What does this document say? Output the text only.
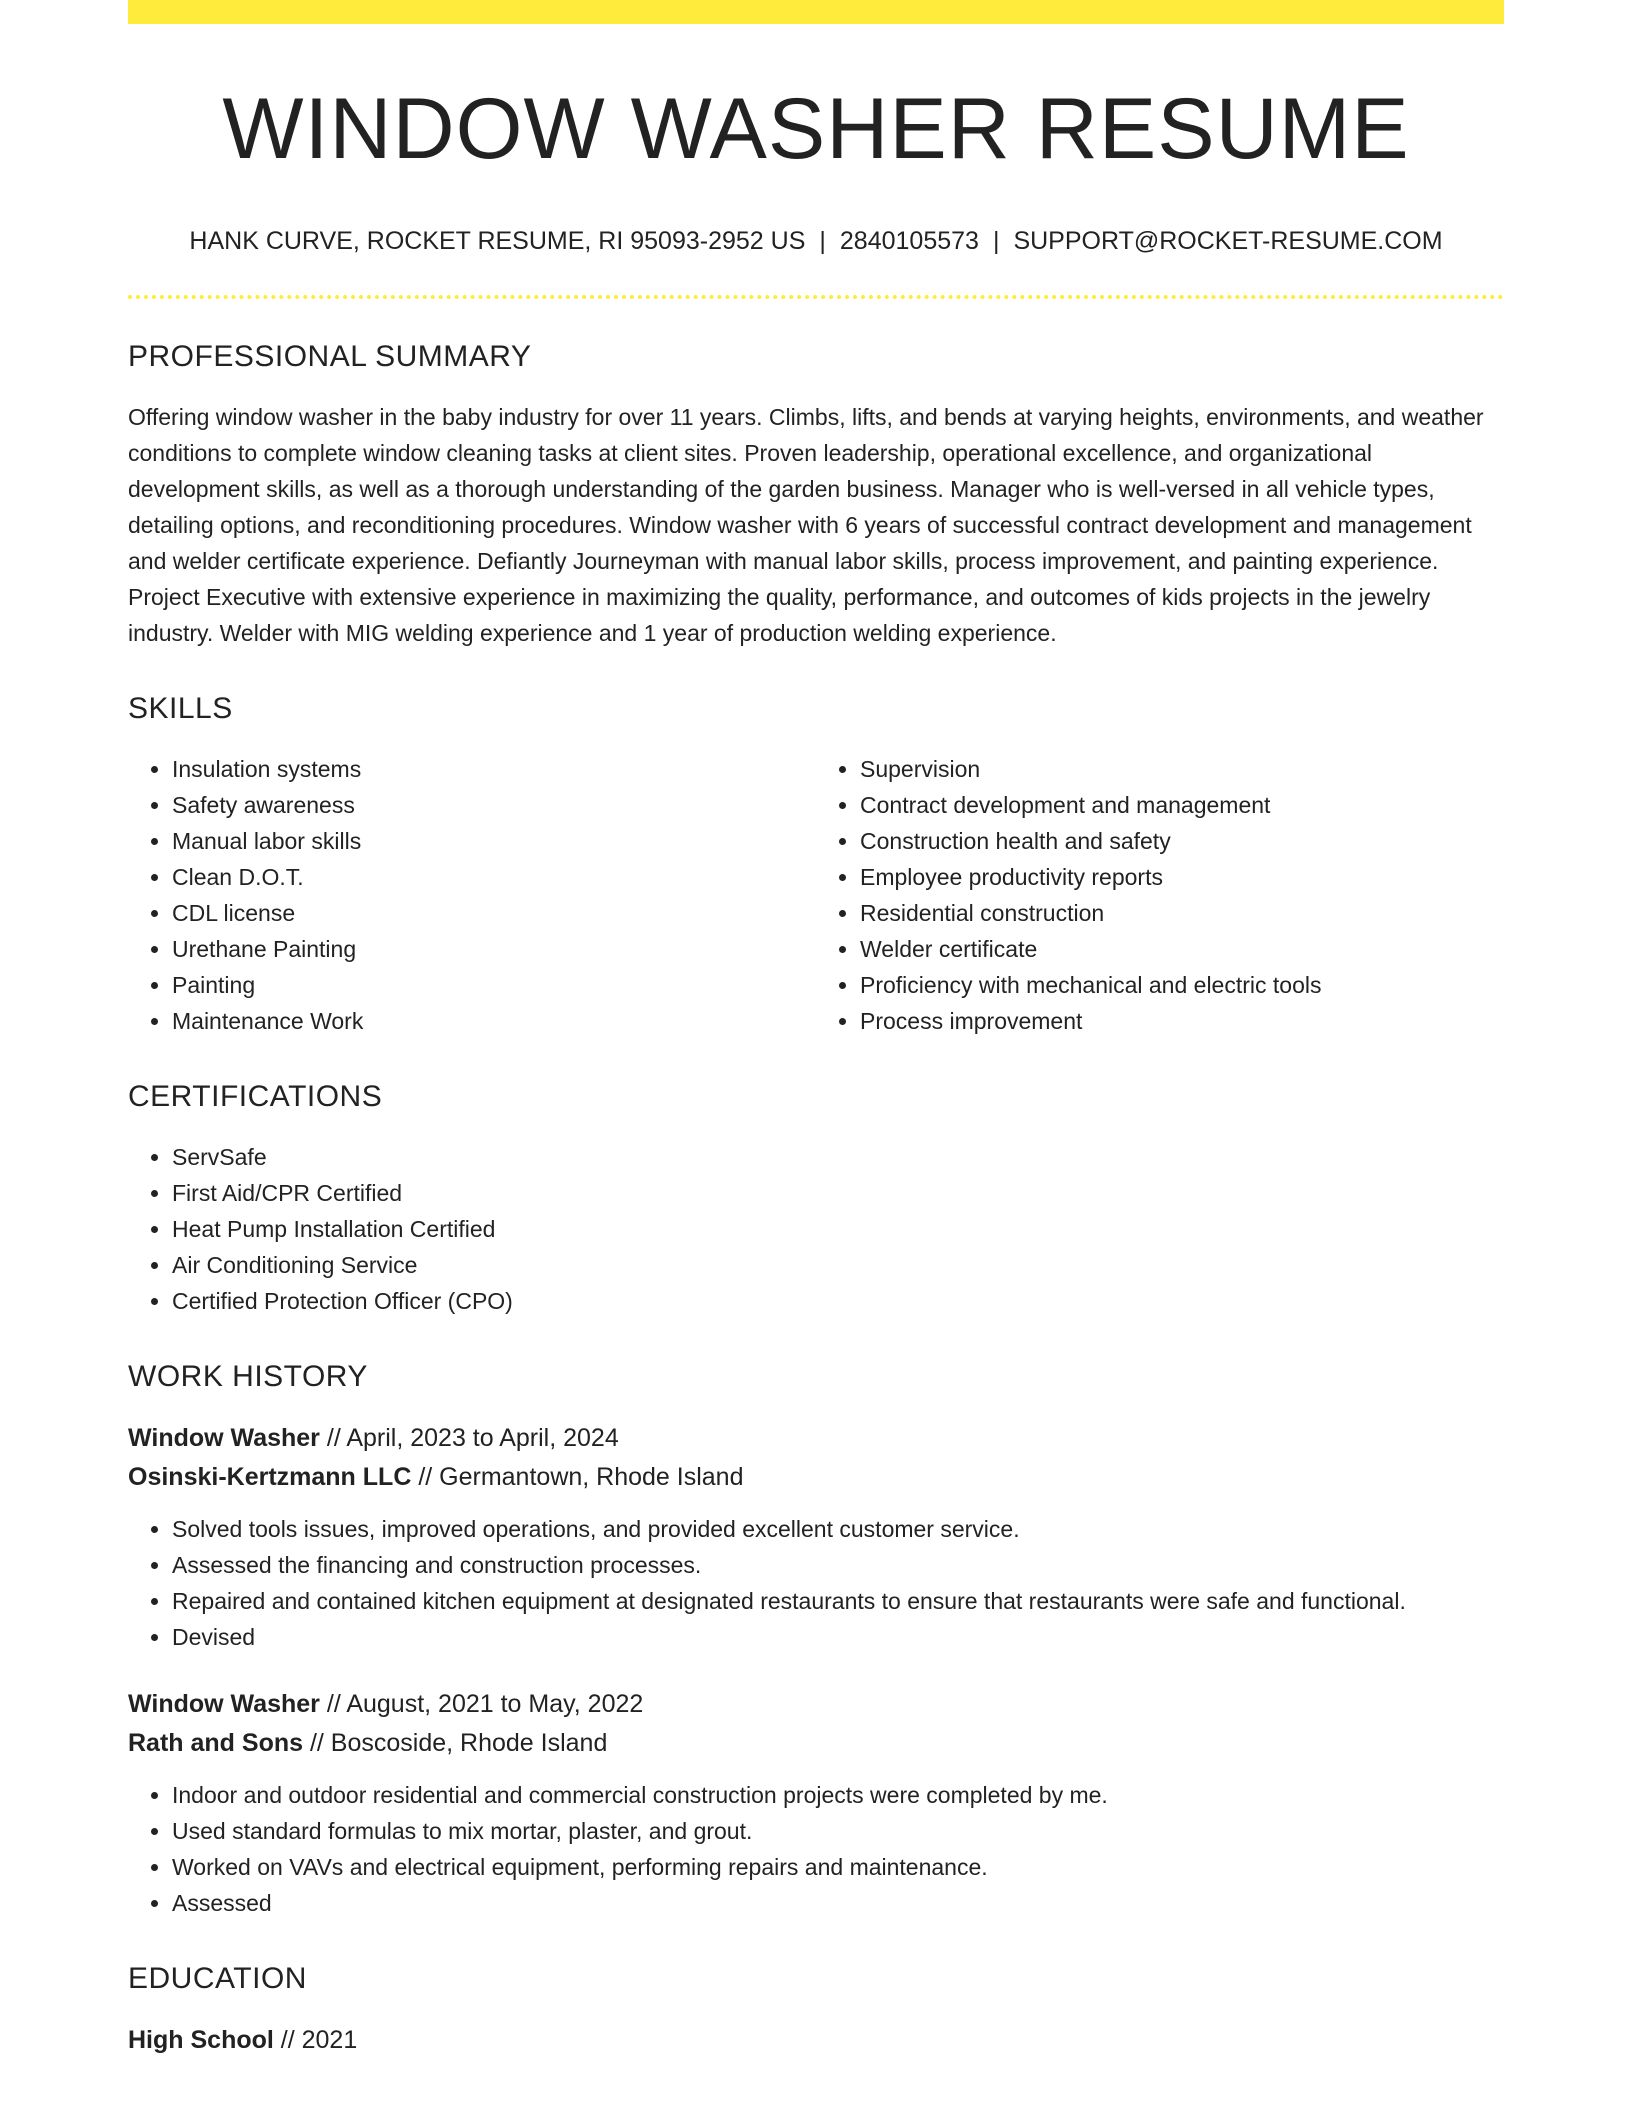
WINDOW WASHER RESUME
HANK CURVE, ROCKET RESUME, RI 95093-2952 US | 2840105573 | SUPPORT@ROCKET-RESUME.COM
PROFESSIONAL SUMMARY

Offering window washer in the baby industry for over 11 years. Climbs, lifts, and bends at varying heights, environments, and weather conditions to complete window cleaning tasks at client sites. Proven leadership, operational excellence, and organizational development skills, as well as a thorough understanding of the garden business. Manager who is well-versed in all vehicle types, detailing options, and reconditioning procedures. Window washer with 6 years of successful contract development and management and welder certificate experience. Defiantly Journeyman with manual labor skills, process improvement, and painting experience. Project Executive with extensive experience in maximizing the quality, performance, and outcomes of kids projects in the jewelry industry. Welder with MIG welding experience and 1 year of production welding experience.

SKILLS
• Insulation systems
• Safety awareness
• Manual labor skills
• Clean D.O.T.
• CDL license
• Urethane Painting
• Painting
• Maintenance Work
• Supervision
• Contract development and management
• Construction health and safety
• Employee productivity reports
• Residential construction
• Welder certificate
• Proficiency with mechanical and electric tools
• Process improvement
CERTIFICATIONS
• ServSafe
• First Aid/CPR Certified
• Heat Pump Installation Certified
• Air Conditioning Service
• Certified Protection Officer (CPO)
WORK HISTORY
Window Washer // April, 2023 to April, 2024
Osinski-Kertzmann LLC // Germantown, Rhode Island
• Solved tools issues, improved operations, and provided excellent customer service.
• Assessed the financing and construction processes.
• Repaired and contained kitchen equipment at designated restaurants to ensure that restaurants were safe and functional.
• Devised
Window Washer // August, 2021 to May, 2022
Rath and Sons // Boscoside, Rhode Island
• Indoor and outdoor residential and commercial construction projects were completed by me.
• Used standard formulas to mix mortar, plaster, and grout.
• Worked on VAVs and electrical equipment, performing repairs and maintenance.
• Assessed
EDUCATION
High School // 2021
